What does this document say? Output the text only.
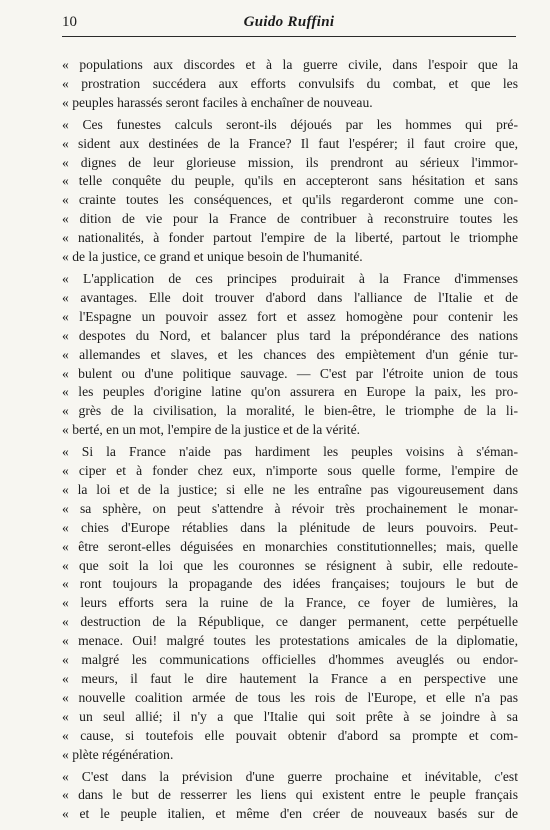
10	Guido Ruffini
« populations aux discordes et à la guerre civile, dans l'espoir que la
« prostration succédera aux efforts convulsifs du combat, et que les
« peuples harassés seront faciles à enchaîner de nouveau.
« Ces funestes calculs seront-ils déjoués par les hommes qui pré-
« sident aux destinées de la France? Il faut l'espérer; il faut croire que,
« dignes de leur glorieuse mission, ils prendront au sérieux l'immor-
« telle conquête du peuple, qu'ils en accepteront sans hésitation et sans
« crainte toutes les conséquences, et qu'ils regarderont comme une con-
« dition de vie pour la France de contribuer à reconstruire toutes les
« nationalités, à fonder partout l'empire de la liberté, partout le triomphe
« de la justice, ce grand et unique besoin de l'humanité.
« L'application de ces principes produirait à la France d'immenses
« avantages. Elle doit trouver d'abord dans l'alliance de l'Italie et de
« l'Espagne un pouvoir assez fort et assez homogène pour contenir les
« despotes du Nord, et balancer plus tard la prépondérance des nations
« allemandes et slaves, et les chances des empiètement d'un génie tur-
« bulent ou d'une politique sauvage. — C'est par l'étroite union de tous
« les peuples d'origine latine qu'on assurera en Europe la paix, les pro-
« grès de la civilisation, la moralité, le bien-être, le triomphe de la li-
« berté, en un mot, l'empire de la justice et de la vérité.
« Si la France n'aide pas hardiment les peuples voisins à s'éman-
« ciper et à fonder chez eux, n'importe sous quelle forme, l'empire de
« la loi et de la justice; si elle ne les entraîne pas vigoureusement dans
« sa sphère, on peut s'attendre à révoir très prochainement le monar-
« chies d'Europe rétablies dans la plénitude de leurs pouvoirs. Peut-
« être seront-elles déguisées en monarchies constitutionnelles; mais, quelle
« que soit la loi que les couronnes se résignent à subir, elle redoute-
« ront toujours la propagande des idées françaises; toujours le but de
« leurs efforts sera la ruine de la France, ce foyer de lumières, la
« destruction de la République, ce danger permanent, cette perpétuelle
« menace. Oui! malgré toutes les protestations amicales de la diplomatie,
« malgré les communications officielles d'hommes aveuglés ou endor-
« meurs, il faut le dire hautement la France a en perspective une
« nouvelle coalition armée de tous les rois de l'Europe, et elle n'a pas
« un seul allié; il n'y a que l'Italie qui soit prête à se joindre à sa
« cause, si toutefois elle pouvait obtenir d'abord sa prompte et com-
« plète régénération.
« C'est dans la prévision d'une guerre prochaine et inévitable, c'est
« dans le but de resserrer les liens qui existent entre le peuple français
« et le peuple italien, et même d'en créer de nouveaux basés sur de
